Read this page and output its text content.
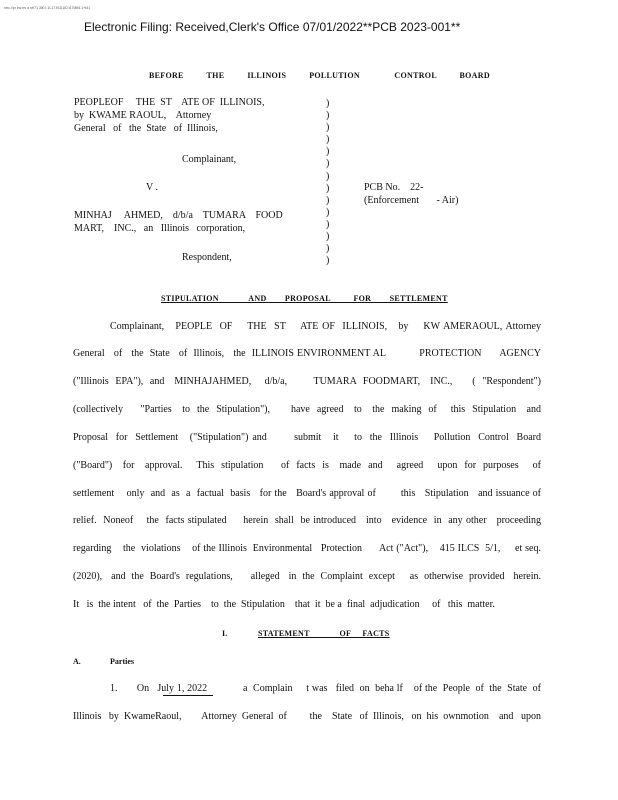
ntrc.//pr irw.rrs a ntr71 3ii0 I.1L17.tS1I1lD.t17t3tf4.1+t41
Electronic Filing: Received,Clerk's Office 07/01/2022**PCB 2023-001**
BEFORE          THE          ILLINOIS          POLLUTION               CONTROL          BOARD
PEOPLEOF     THE  ST    ATE OF  ILLINOIS,
by  KWAME RAOUL,    Attorney
General   of   the  State   of  Illinois,
Complainant,
V .
MINHAJ     AHMED,    d/b/a    TUMARA    FOOD
MART,    INC.,   an   Illinois   corporation,
Respondent,
)
)
)
)
)
)
)
)
)
)
)
)
)
)
PCB No.    22-
(Enforcement       - Air)
STIPULATION             AND        PROPOSAL          FOR        SETTLEMENT
Complainant,   PEOPLE  OF    THE  ST    ATE OF  ILLINOIS,   by    KW AMERAOUL, Attorney
General   of   the  State   of  Illinois,   the  ILLINOIS ENVIRONMENT AL           PROTECTION      AGENCY
("Illinois  EPA"),  and   MINHAJAHMED,    d/b/a,        TUMARA  FOODMART,   INC.,      (  "Respondent")
(collectively     "Parties   to  the  Stipulation"),      have  agreed   to   the  making  of    this  Stipulation   and
Proposal  for  Settlement   ("Stipulation") and       submit   it    to  the  Illinois    Pollution  Control  Board
("Board")   for   approval.    This  stipulation     of  facts  is   made  and    agreed    upon  for  purposes    of
settlement    only  and  as  a  factual  basis   for the   Board's approval of        this   Stipulation   and issuance of
relief.  Noneof    the  facts stipulated     herein  shall  be introduced   into   evidence  in  any other   proceeding
regarding    the  violations    of the Illinois  Environmental   Protection      Act ("Act"),    415 ILCS  5/1,     et seq.
(2020),   and  the  Board's  regulations,      alleged   in  the  Complaint  except     as  otherwise  provided   herein.
It   is  the intent   of  the  Parties    to  the  Stipulation    that  it  be a  final  adjudication     of   this  matter.
I.	STATEMENT             OF     FACTS
A.	Parties
1.       On   July 1, 2022             a  Complain     t was   filed  on  beha lf    of the  People  of  the  State  of
Illinois   by  KwameRaoul,        Attorney  General  of         the    State   of  Illinois,   on  his  ownmotion    and   upon
